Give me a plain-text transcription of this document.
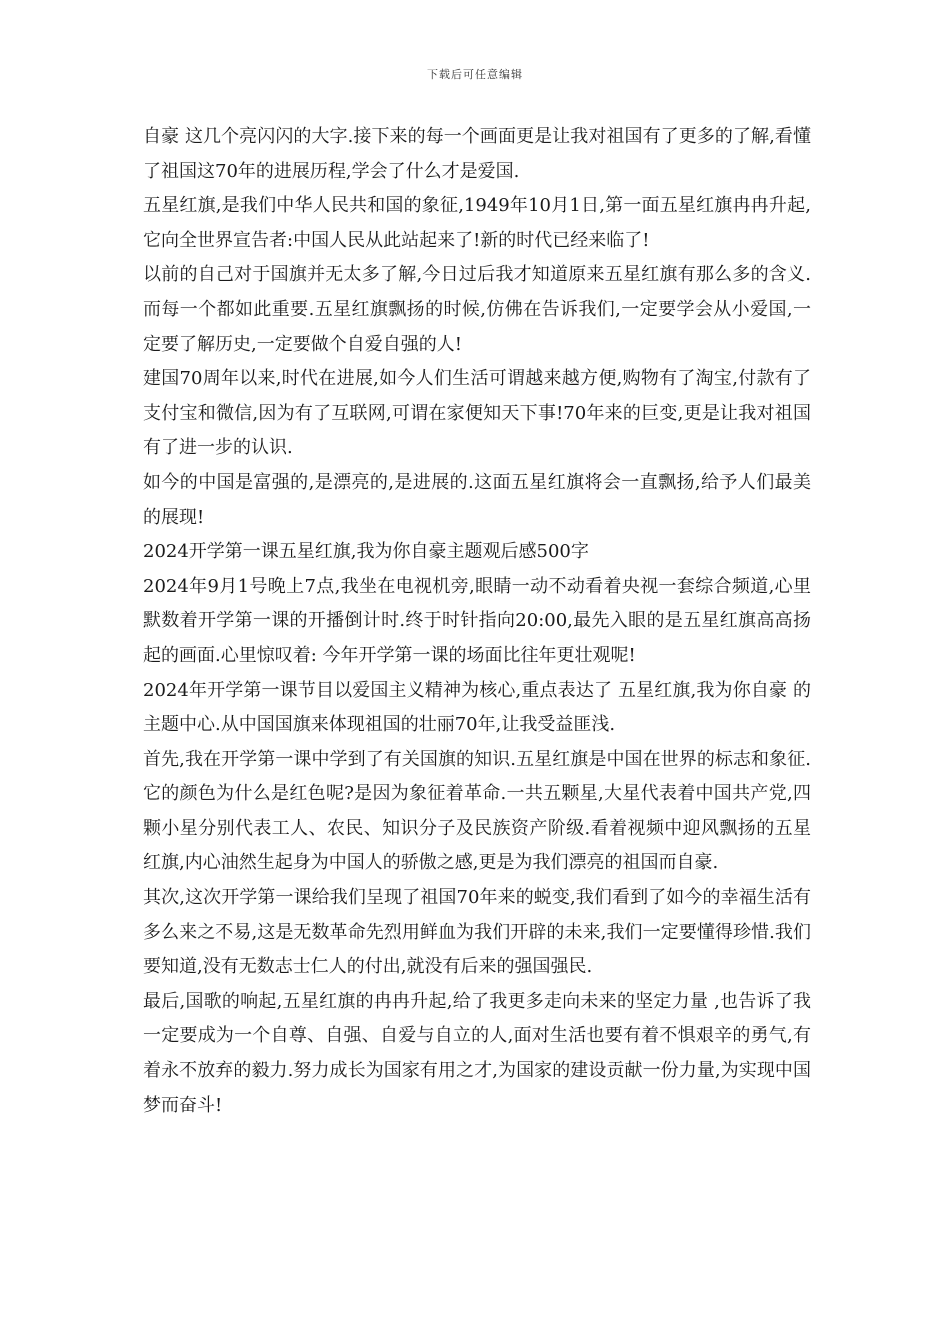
下载后可任意编辑

自豪 这几个亮闪闪的大字.接下来的每一个画面更是让我对祖国有了更多的了解,看懂了祖国这70年的进展历程,学会了什么才是爱国.

五星红旗,是我们中华人民共和国的象征,1949年10月1日,第一面五星红旗冉冉升起,它向全世界宣告者:中国人民从此站起来了!新的时代已经来临了!

以前的自己对于国旗并无太多了解,今日过后我才知道原来五星红旗有那么多的含义.而每一个都如此重要.五星红旗飘扬的时候,仿佛在告诉我们,一定要学会从小爱国,一定要了解历史,一定要做个自爱自强的人!

建国70周年以来,时代在进展,如今人们生活可谓越来越方便,购物有了淘宝,付款有了支付宝和微信,因为有了互联网,可谓在家便知天下事!70年来的巨变,更是让我对祖国有了进一步的认识.

如今的中国是富强的,是漂亮的,是进展的.这面五星红旗将会一直飘扬,给予人们最美的展现!

2024开学第一课五星红旗,我为你自豪主题观后感500字

2024年9月1号晚上7点,我坐在电视机旁,眼睛一动不动看着央视一套综合频道,心里默数着开学第一课的开播倒计时.终于时针指向20:00,最先入眼的是五星红旗高高扬起的画面.心里惊叹着: 今年开学第一课的场面比往年更壮观呢!

2024年开学第一课节目以爱国主义精神为核心,重点表达了 五星红旗,我为你自豪 的主题中心.从中国国旗来体现祖国的壮丽70年,让我受益匪浅.

首先,我在开学第一课中学到了有关国旗的知识.五星红旗是中国在世界的标志和象征.它的颜色为什么是红色呢?是因为象征着革命.一共五颗星,大星代表着中国共产党,四颗小星分别代表工人、农民、知识分子及民族资产阶级.看着视频中迎风飘扬的五星红旗,内心油然生起身为中国人的骄傲之感,更是为我们漂亮的祖国而自豪.

其次,这次开学第一课给我们呈现了祖国70年来的蜕变,我们看到了如今的幸福生活有多么来之不易,这是无数革命先烈用鲜血为我们开辟的未来,我们一定要懂得珍惜.我们要知道,没有无数志士仁人的付出,就没有后来的强国强民.

最后,国歌的响起,五星红旗的冉冉升起,给了我更多走向未来的坚定力量 ,也告诉了我一定要成为一个自尊、自强、自爱与自立的人,面对生活也要有着不惧艰辛的勇气,有着永不放弃的毅力.努力成长为国家有用之才,为国家的建设贡献一份力量,为实现中国梦而奋斗!
